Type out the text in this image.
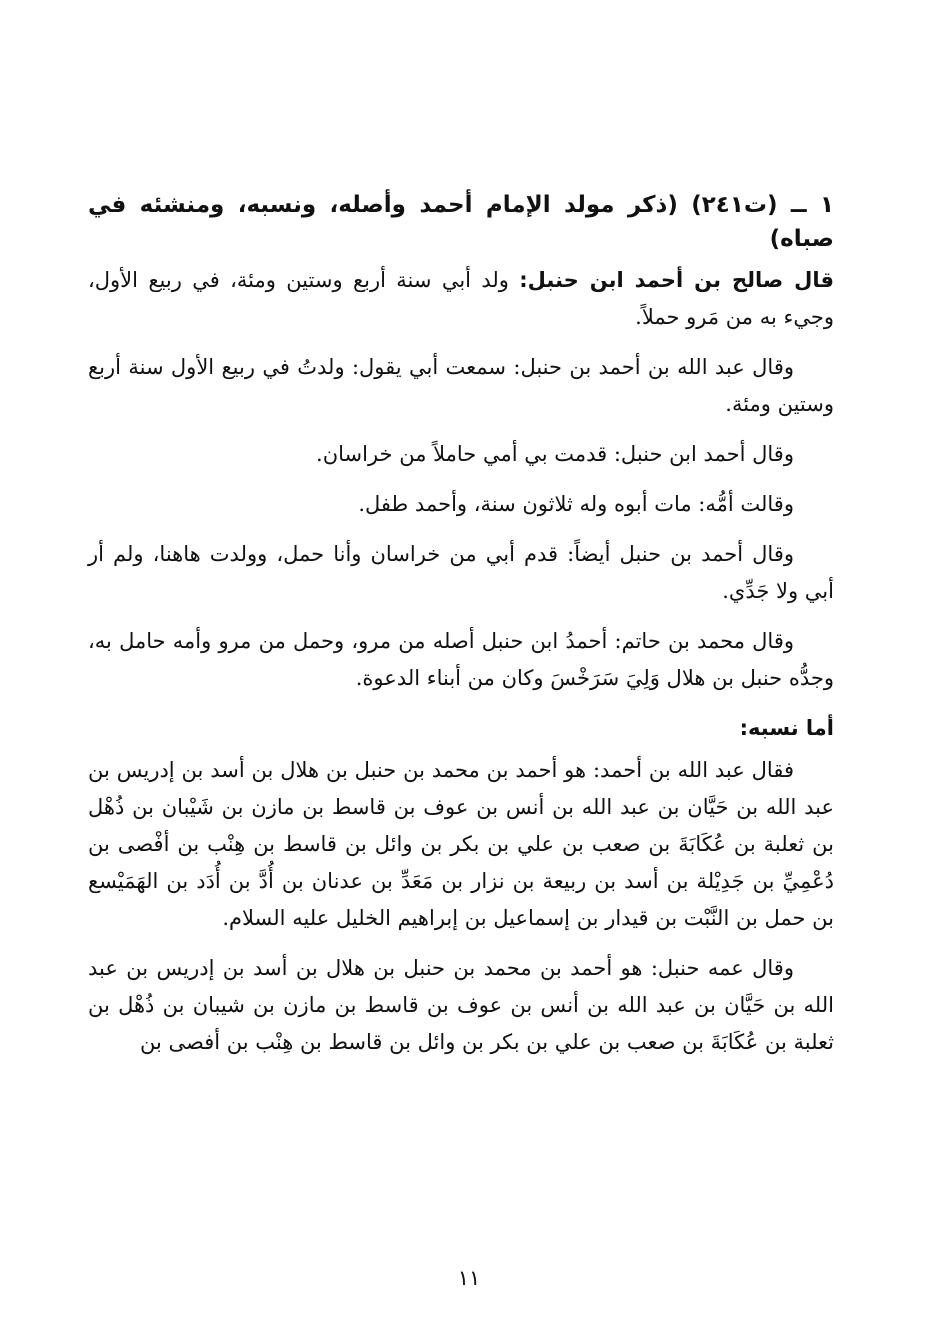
١ ــ (ت٢٤١) (ذكر مولد الإمام أحمد وأصله، ونسبه، ومنشئه في صباه)

قال صالح بن أحمد ابن حنبل: ولد أبي سنة أربع وستين ومئة، في ربيع الأول، وجيء به من مَرو حملاً.

وقال عبد الله بن أحمد بن حنبل: سمعت أبي يقول: ولدتُ في ربيع الأول سنة أربع وستين ومئة.

وقال أحمد ابن حنبل: قدمت بي أمي حاملاً من خراسان.

وقالت أمُّه: مات أبوه وله ثلاثون سنة، وأحمد طفل.

وقال أحمد بن حنبل أيضاً: قدم أبي من خراسان وأنا حمل، وولدت هاهنا، ولم أر أبي ولا جَدِّي.

وقال محمد بن حاتم: أحمدُ ابن حنبل أصله من مرو، وحمل من مرو وأمه حامل به، وجدُّه حنبل بن هلال وَلِيَ سَرَخْسَ وكان من أبناء الدعوة.

أما نسبه:

فقال عبد الله بن أحمد: هو أحمد بن محمد بن حنبل بن هلال بن أسد بن إدريس بن عبد الله بن حَيَّان بن عبد الله بن أنس بن عوف بن قاسط بن مازن بن شَيْبان بن ذُهْل بن ثعلبة بن عُكَابَةَ بن صعب بن علي بن بكر بن وائل بن قاسط بن هِنْب بن أفْصى بن دُعْمِيِّ بن جَدِيْلة بن أسد بن ربيعة بن نزار بن مَعَدِّ بن عدنان بن أُدَّ بن أُدَد بن الهَمَيْسع بن حمل بن النَّبْت بن قيدار بن إسماعيل بن إبراهيم الخليل عليه السلام.

وقال عمه حنبل: هو أحمد بن محمد بن حنبل بن هلال بن أسد بن إدريس بن عبد الله بن حَيَّان بن عبد الله بن أنس بن عوف بن قاسط بن مازن بن شيبان بن ذُهْل بن ثعلبة بن عُكَابَةَ بن صعب بن علي بن بكر بن وائل بن قاسط بن هِنْب بن أفصى بن

١١
